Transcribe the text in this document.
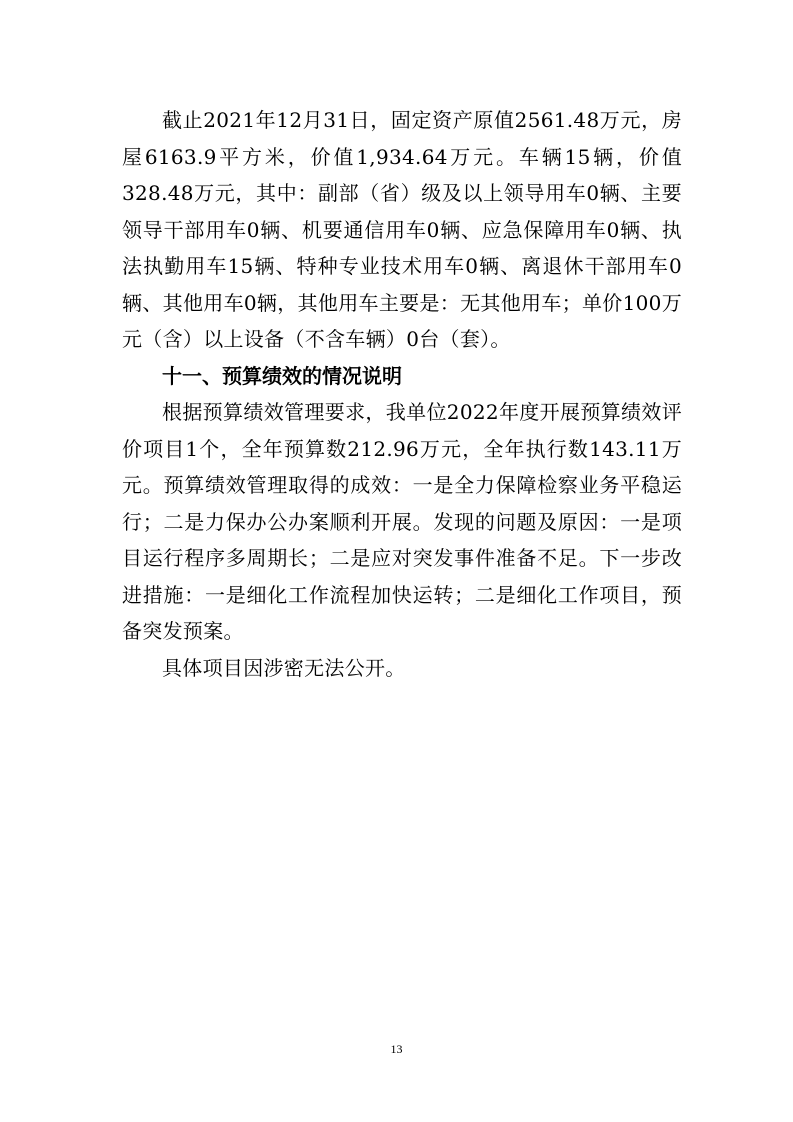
截止2021年12月31日，固定资产原值2561.48万元，房屋6163.9平方米，价值1,934.64万元。车辆15辆，价值328.48万元，其中：副部（省）级及以上领导用车0辆、主要领导干部用车0辆、机要通信用车0辆、应急保障用车0辆、执法执勤用车15辆、特种专业技术用车0辆、离退休干部用车0辆、其他用车0辆，其他用车主要是：无其他用车；单价100万元（含）以上设备（不含车辆）0台（套）。

十一、预算绩效的情况说明

根据预算绩效管理要求，我单位2022年度开展预算绩效评价项目1个，全年预算数212.96万元，全年执行数143.11万元。预算绩效管理取得的成效：一是全力保障检察业务平稳运行；二是力保办公办案顺利开展。发现的问题及原因：一是项目运行程序多周期长；二是应对突发事件准备不足。下一步改进措施：一是细化工作流程加快运转；二是细化工作项目，预备突发预案。

具体项目因涉密无法公开。

13
